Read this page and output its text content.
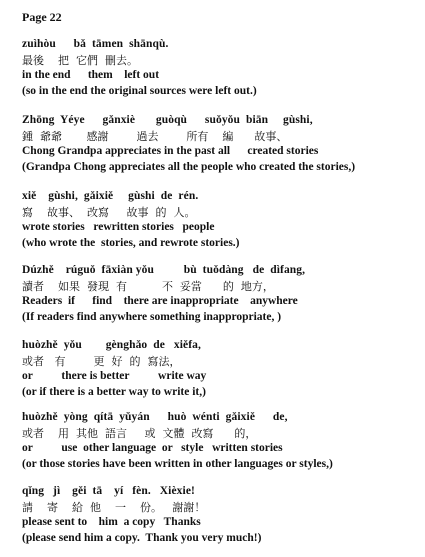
Page 22
zuìhòu      bǎ  tāmen  shānqù.
最後    把  它們  刪去。
in the end      them    left out
(so in the end the original sources were left out.)
Zhōng  Yéye      gǎnxiè       guòqù      suǒyǒu  biān     gùshi,
鍾  爺爺       感謝        過去        所有    編      故事、
Chong Grandpa appreciates in the past all      created stories
(Grandpa Chong appreciates all the people who created the stories,)
xiě    gùshi,  gǎixiě     gùshi  de  rén.
寫    故事、  改寫     故事  的  人。
wrote stories   rewritten stories   people
(who wrote the  stories, and rewrote stories.)
Dúzhě    rúguǒ  fāxiàn yǒu          bù  tuǒdàng   de  dìfang,
讀者    如果  發現  有          不  妥當      的  地方，
Readers  if      find    there are inappropriate    anywhere
(If readers find anywhere something inappropriate, )
huòzhě  yǒu        gènghǎo  de   xiěfa,
或者   有        更  好  的  寫法，
or          there is better          write way
(or if there is a better way to write it,)
huòzhě  yòng  qítā  yǔyán      huò  wénti  gǎixiě      de,
或者    用  其他  語言     或  文體  改寫      的，
or          use  other language  or   style   written stories
(or those stories have been written in other languages or styles,)
qǐng   jì    gěi  tā    yí   fèn.   Xièxie!
請    寄    給  他    一    份。   謝謝！
please sent to    him  a copy   Thanks
(please send him a copy.  Thank you very much!)
